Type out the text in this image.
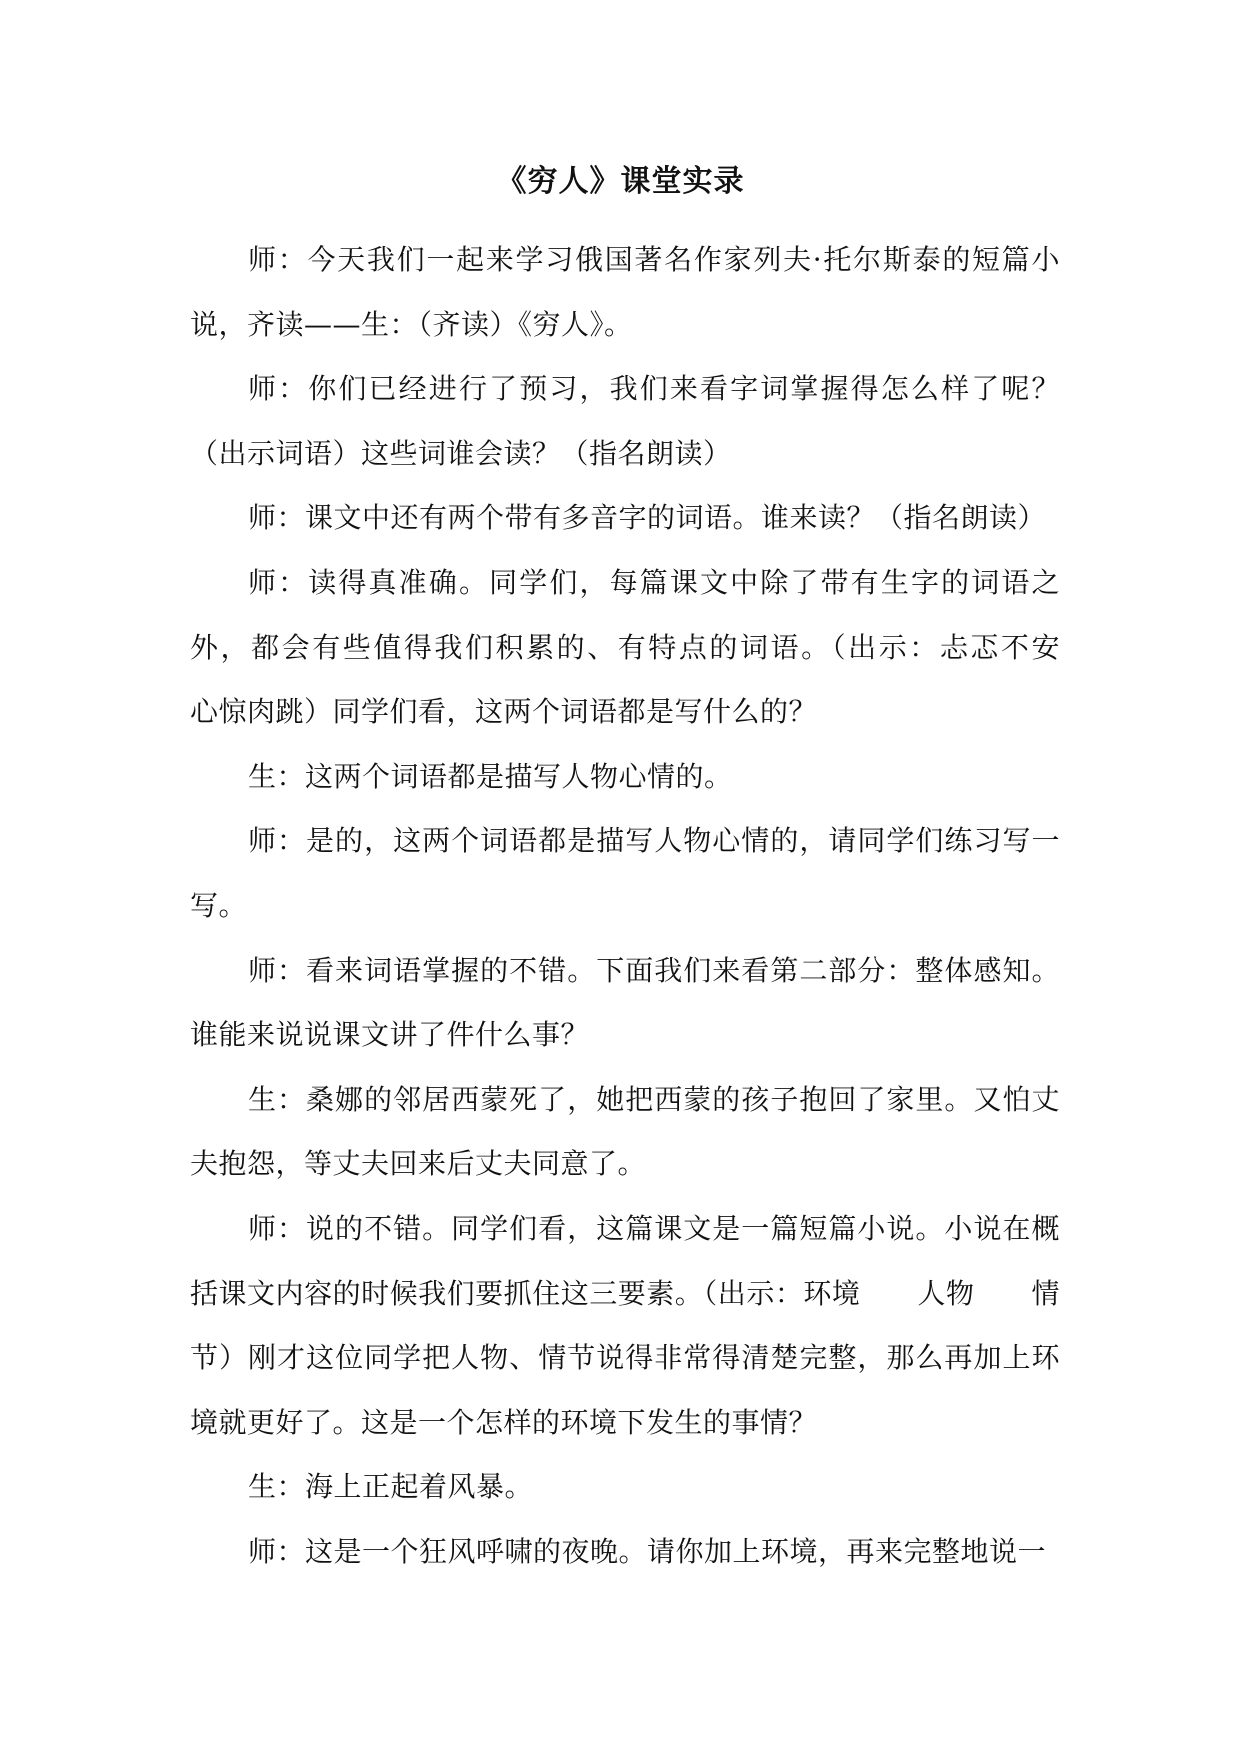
《穷人》课堂实录

师：今天我们一起来学习俄国著名作家列夫·托尔斯泰的短篇小说，齐读——生：（齐读）《穷人》。

师：你们已经进行了预习，我们来看字词掌握得怎么样了呢？（出示词语）这些词谁会读？（指名朗读）

师：课文中还有两个带有多音字的词语。谁来读？（指名朗读）

师：读得真准确。同学们，每篇课文中除了带有生字的词语之外，都会有些值得我们积累的、有特点的词语。（出示：忐忑不安　　心惊肉跳）同学们看，这两个词语都是写什么的？

生：这两个词语都是描写人物心情的。

师：是的，这两个词语都是描写人物心情的，请同学们练习写一写。

师：看来词语掌握的不错。下面我们来看第二部分：整体感知。谁能来说说课文讲了件什么事？

生：桑娜的邻居西蒙死了，她把西蒙的孩子抱回了家里。又怕丈夫抱怨，等丈夫回来后丈夫同意了。

师：说的不错。同学们看，这篇课文是一篇短篇小说。小说在概括课文内容的时候我们要抓住这三要素。（出示：环境　　人物　　情节）刚才这位同学把人物、情节说得非常得清楚完整，那么再加上环境就更好了。这是一个怎样的环境下发生的事情？

生：海上正起着风暴。

师：这是一个狂风呼啸的夜晚。请你加上环境，再来完整地说一
